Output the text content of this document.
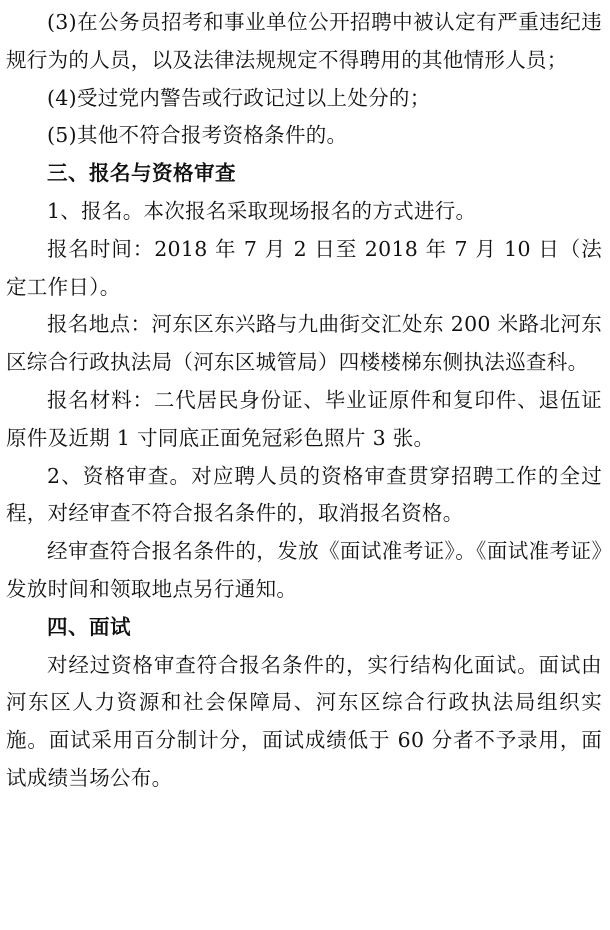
(3)在公务员招考和事业单位公开招聘中被认定有严重违纪违规行为的人员，以及法律法规规定不得聘用的其他情形人员；

(4)受过党内警告或行政记过以上处分的；

(5)其他不符合报考资格条件的。

三、报名与资格审查

1、报名。本次报名采取现场报名的方式进行。

报名时间：2018 年 7 月 2 日至 2018 年 7 月 10 日（法定工作日）。

报名地点：河东区东兴路与九曲街交汇处东 200 米路北河东区综合行政执法局（河东区城管局）四楼楼梯东侧执法巡查科。

报名材料：二代居民身份证、毕业证原件和复印件、退伍证原件及近期 1 寸同底正面免冠彩色照片 3 张。

2、资格审查。对应聘人员的资格审查贯穿招聘工作的全过程，对经审查不符合报名条件的，取消报名资格。

经审查符合报名条件的，发放《面试准考证》。《面试准考证》发放时间和领取地点另行通知。

四、面试

对经过资格审查符合报名条件的，实行结构化面试。面试由河东区人力资源和社会保障局、河东区综合行政执法局组织实施。面试采用百分制计分，面试成绩低于 60 分者不予录用，面试成绩当场公布。
